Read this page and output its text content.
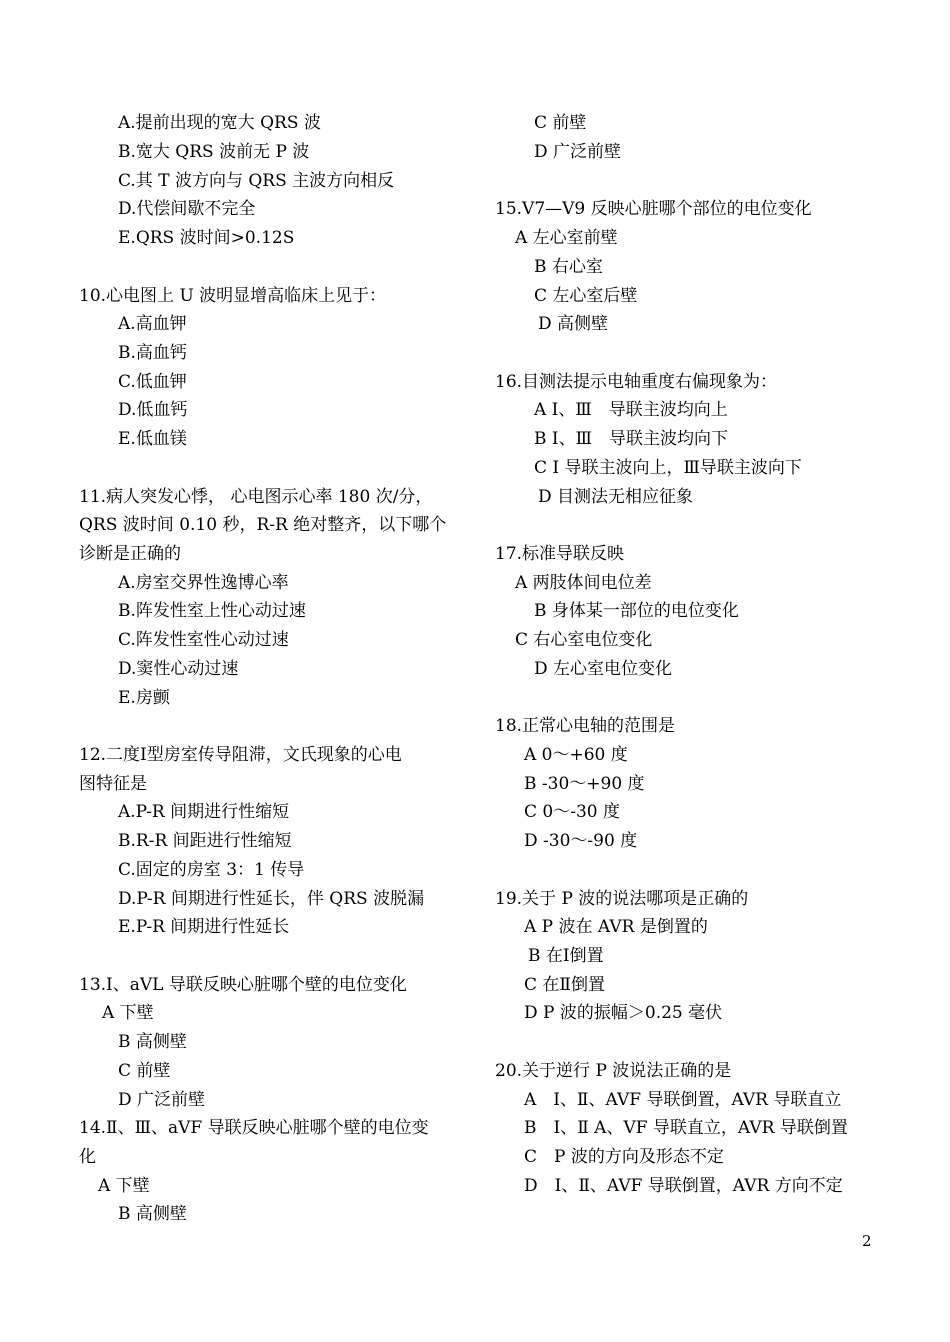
A.提前出现的宽大 QRS 波
B.宽大 QRS 波前无 P 波
C.其 T 波方向与 QRS 主波方向相反
D.代偿间歇不完全
E.QRS 波时间>0.12S
10.心电图上 U 波明显增高临床上见于：
A.高血钾
B.高血钙
C.低血钾
D.低血钙
E.低血镁
11.病人突发心悸， 心电图示心率 180 次/分，
QRS 波时间 0.10 秒，R-R 绝对整齐，以下哪个
诊断是正确的
A.房室交界性逸博心率
B.阵发性室上性心动过速
C.阵发性室性心动过速
D.窦性心动过速
E.房颤
12.二度Ⅰ型房室传导阻滞，文氏现象的心电
图特征是
A.P-R 间期进行性缩短
B.R-R 间距进行性缩短
C.固定的房室 3：1 传导
D.P-R 间期进行性延长，伴 QRS 波脱漏
E.P-R 间期进行性延长
13.Ⅰ、aVL 导联反映心脏哪个壁的电位变化
A 下壁
B 高侧壁
C 前壁
D 广泛前壁
14.Ⅱ、Ⅲ、aVF 导联反映心脏哪个壁的电位变
化
A 下壁
B 高侧壁
C 前壁
D 广泛前壁
15.V7—V9 反映心脏哪个部位的电位变化
A 左心室前壁
B 右心室
C 左心室后壁
D 高侧壁
16.目测法提示电轴重度右偏现象为：
A Ⅰ、Ⅲ　导联主波均向上
B Ⅰ、Ⅲ　导联主波均向下
C Ⅰ 导联主波向上，Ⅲ导联主波向下
D 目测法无相应征象
17.标准导联反映
A 两肢体间电位差
B 身体某一部位的电位变化
C 右心室电位变化
D 左心室电位变化
18.正常心电轴的范围是
A 0～+60 度
B -30～+90 度
C 0～-30 度
D -30～-90 度
19.关于 P 波的说法哪项是正确的
A P 波在 AVR 是倒置的
B 在Ⅰ倒置
C 在Ⅱ倒置
D P 波的振幅＞0.25 毫伏
20.关于逆行 P 波说法正确的是
A　Ⅰ、Ⅱ、AVF 导联倒置，AVR 导联直立
B　Ⅰ、Ⅱ A、VF 导联直立，AVR 导联倒置
C　P 波的方向及形态不定
D　Ⅰ、Ⅱ、AVF 导联倒置，AVR 方向不定
2
